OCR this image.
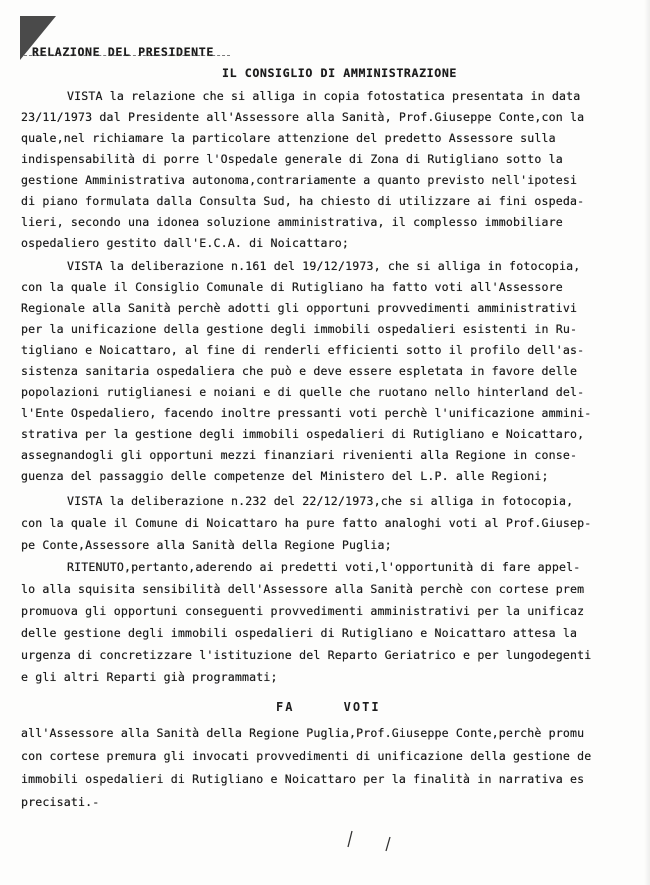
RELAZIONE DEL PRESIDENTE
IL CONSIGLIO DI AMMINISTRAZIONE
VISTA la relazione che si alliga in copia fotostatica presentata in data
23/11/1973 dal Presidente all'Assessore alla Sanità, Prof.Giuseppe Conte,con la
quale,nel richiamare la particolare attenzione del predetto Assessore sulla
indispensabilità di porre l'Ospedale generale di Zona di Rutigliano sotto la
gestione Amministrativa autonoma,contrariamente a quanto previsto nell'ipotesi
di piano formulata dalla Consulta Sud, ha chiesto di utilizzare ai fini ospeda-
lieri, secondo una idonea soluzione amministrativa, il complesso immobiliare
ospedaliero gestito dall'E.C.A. di Noicattaro;
VISTA la deliberazione n.161 del 19/12/1973, che si alliga in fotocopia,
con la quale il Consiglio Comunale di Rutigliano ha fatto voti all'Assessore
Regionale alla Sanità perchè adotti gli opportuni provvedimenti amministrativi
per la unificazione della gestione degli immobili ospedalieri esistenti in Ru-
tigliano e Noicattaro, al fine di renderli efficienti sotto il profilo dell'as-
sistenza sanitaria ospedaliera che può e deve essere espletata in favore delle
popolazioni rutiglianesi e noiani e di quelle che ruotano nello hinterland del-
l'Ente Ospedaliero, facendo inoltre pressanti voti perchè l'unificazione ammini-
strativa per la gestione degli immobili ospedalieri di Rutigliano e Noicattaro,
assegnandogli gli opportuni mezzi finanziari rivenienti alla Regione in conse-
guenza del passaggio delle competenze del Ministero del L.P. alle Regioni;
VISTA la deliberazione n.232 del 22/12/1973,che si alliga in fotocopia,
con la quale il Comune di Noicattaro ha pure fatto analoghi voti al Prof.Giusep-
pe Conte,Assessore alla Sanità della Regione Puglia;
RITENUTO,pertanto,aderendo ai predetti voti,l'opportunità di fare appel-
lo alla squisita sensibilità dell'Assessore alla Sanità perchè con cortese prem
promuova gli opportuni conseguenti provvedimenti amministrativi per la unificaz
delle gestione degli immobili ospedalieri di Rutigliano e Noicattaro attesa la
urgenza di concretizzare l'istituzione del Reparto Geriatrico e per lungodegenti
e gli altri Reparti già programmati;
FA VOTI
all'Assessore alla Sanità della Regione Puglia,Prof.Giuseppe Conte,perchè promu
con cortese premura gli invocati provvedimenti di unificazione della gestione de
immobili ospedalieri di Rutigliano e Noicattaro per la finalità in narrativa es
precisati.-
